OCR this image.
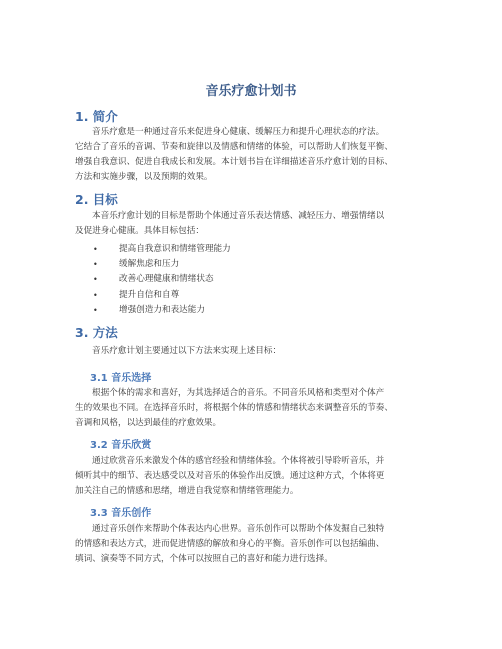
音乐疗愈计划书
1. 简介

音乐疗愈是一种通过音乐来促进身心健康、缓解压力和提升心理状态的疗法。
它结合了音乐的音调、节奏和旋律以及情感和情绪的体验，可以帮助人们恢复平衡、
增强自我意识、促进自我成长和发展。本计划书旨在详细描述音乐疗愈计划的目标、
方法和实施步骤，以及预期的效果。

2. 目标

本音乐疗愈计划的目标是帮助个体通过音乐表达情感、减轻压力、增强情绪以
及促进身心健康。具体目标包括：

• 提高自我意识和情绪管理能力
• 缓解焦虑和压力
• 改善心理健康和情绪状态
• 提升自信和自尊
• 增强创造力和表达能力
3. 方法

音乐疗愈计划主要通过以下方法来实现上述目标：

3.1 音乐选择

根据个体的需求和喜好，为其选择适合的音乐。不同音乐风格和类型对个体产
生的效果也不同。在选择音乐时，将根据个体的情感和情绪状态来调整音乐的节奏、
音调和风格，以达到最佳的疗愈效果。

3.2 音乐欣赏

通过欣赏音乐来激发个体的感官经验和情绪体验。个体将被引导聆听音乐，并
倾听其中的细节、表达感受以及对音乐的体验作出反馈。通过这种方式，个体将更
加关注自己的情感和思绪，增进自我觉察和情绪管理能力。

3.3 音乐创作

通过音乐创作来帮助个体表达内心世界。音乐创作可以帮助个体发掘自己独特
的情感和表达方式，进而促进情感的解放和身心的平衡。音乐创作可以包括编曲、
填词、演奏等不同方式，个体可以按照自己的喜好和能力进行选择。
